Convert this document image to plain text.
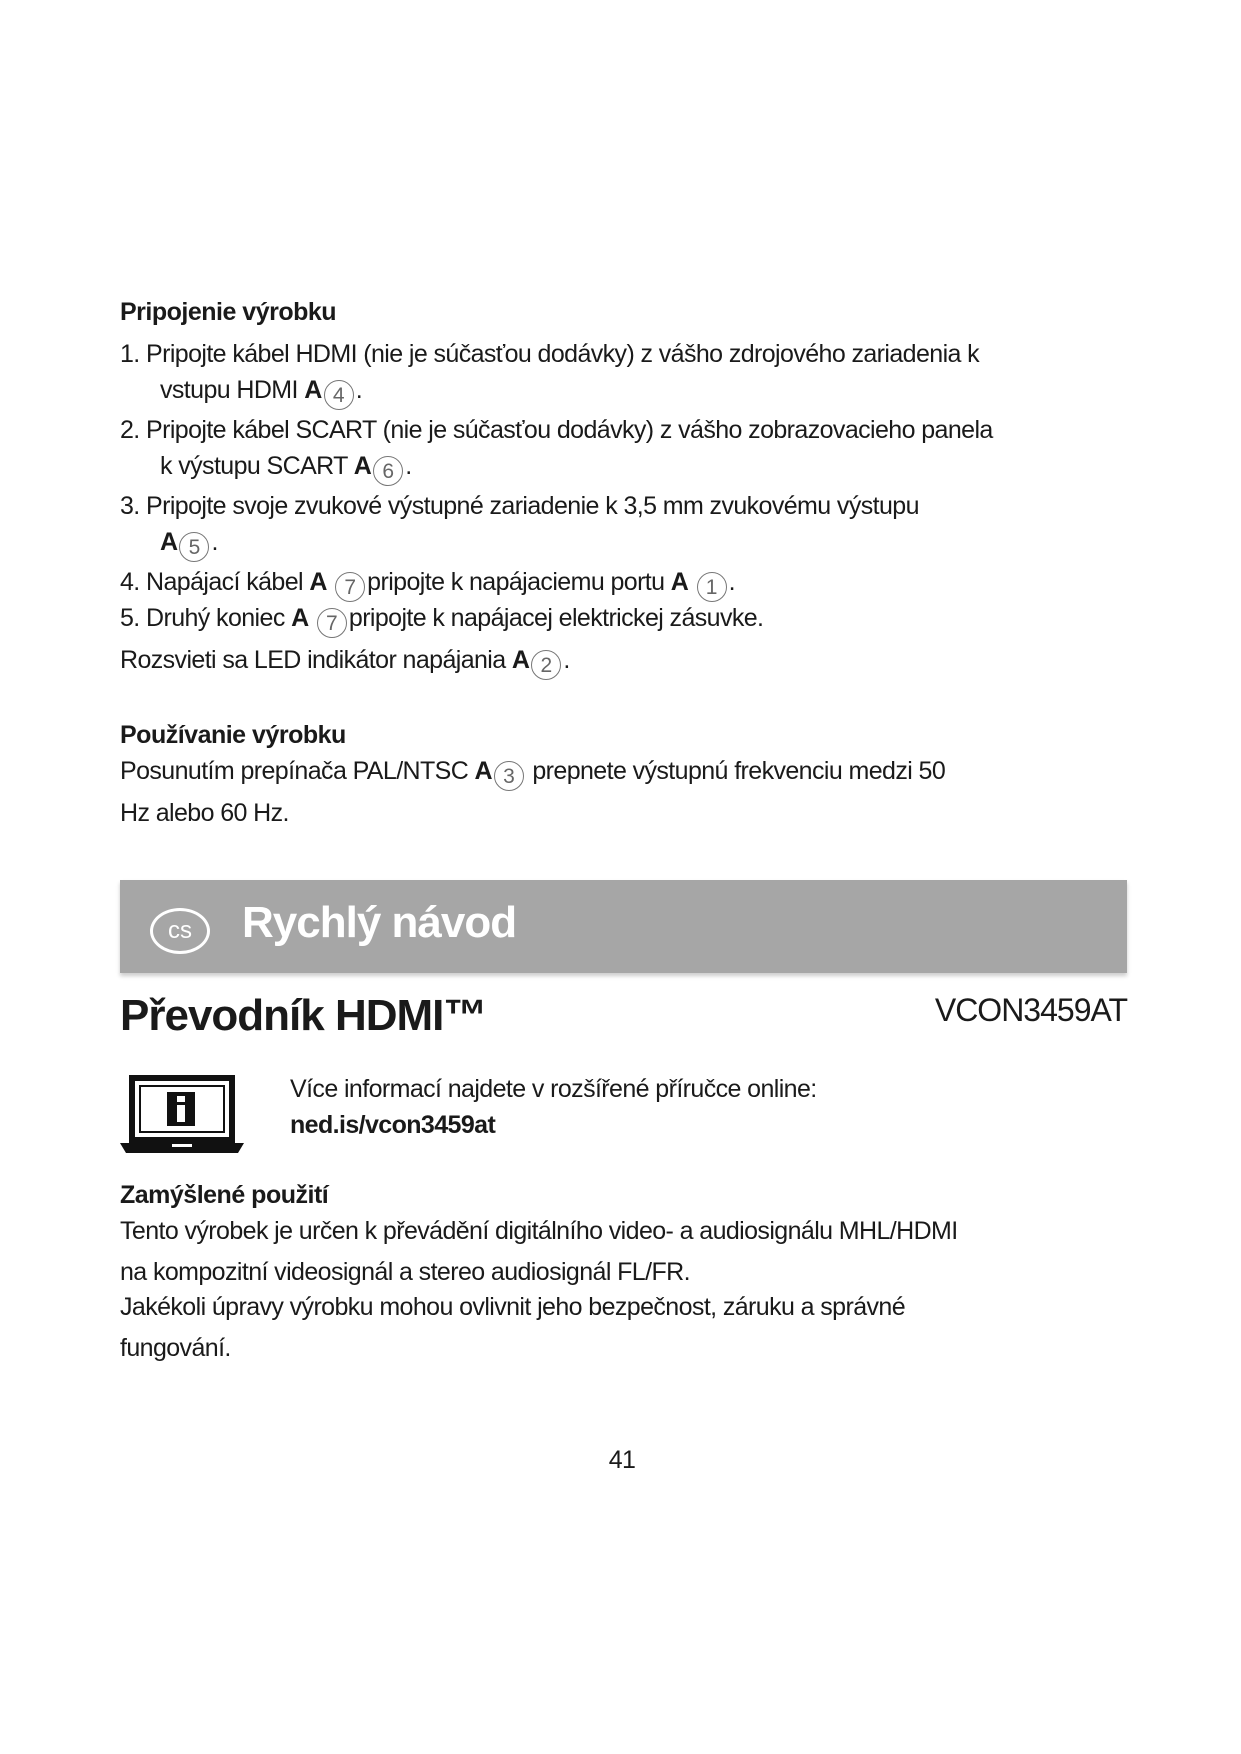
Pripojenie výrobku
1. Pripojte kábel HDMI (nie je súčasťou dodávky) z vášho zdrojového zariadenia k
vstupu HDMI A 4 .
2. Pripojte kábel SCART (nie je súčasťou dodávky) z vášho zobrazovacieho panela
k výstupu SCART A 6 .
3. Pripojte svoje zvukové výstupné zariadenie k 3,5 mm zvukovému výstupu
A 5 .
4. Napájací kábel A 7 pripojte k napájaciemu portu A 1 .
5. Druhý koniec A 7 pripojte k napájacej elektrickej zásuvke.
Rozsvieti sa LED indikátor napájania A 2 .
Používanie výrobku
Posunutím prepínača PAL/NTSC A 3 prepnete výstupnú frekvenciu medzi 50
Hz alebo 60 Hz.
cs	Rychlý návod
Převodník HDMI™	VCON3459AT
Více informací najdete v rozšířené příručce online:
ned.is/vcon3459at
Zamýšlené použití
Tento výrobek je určen k převádění digitálního video- a audiosignálu MHL/HDMI
na kompozitní videosignál a stereo audiosignál FL/FR.
Jakékoli úpravy výrobku mohou ovlivnit jeho bezpečnost, záruku a správné
fungování.
41
